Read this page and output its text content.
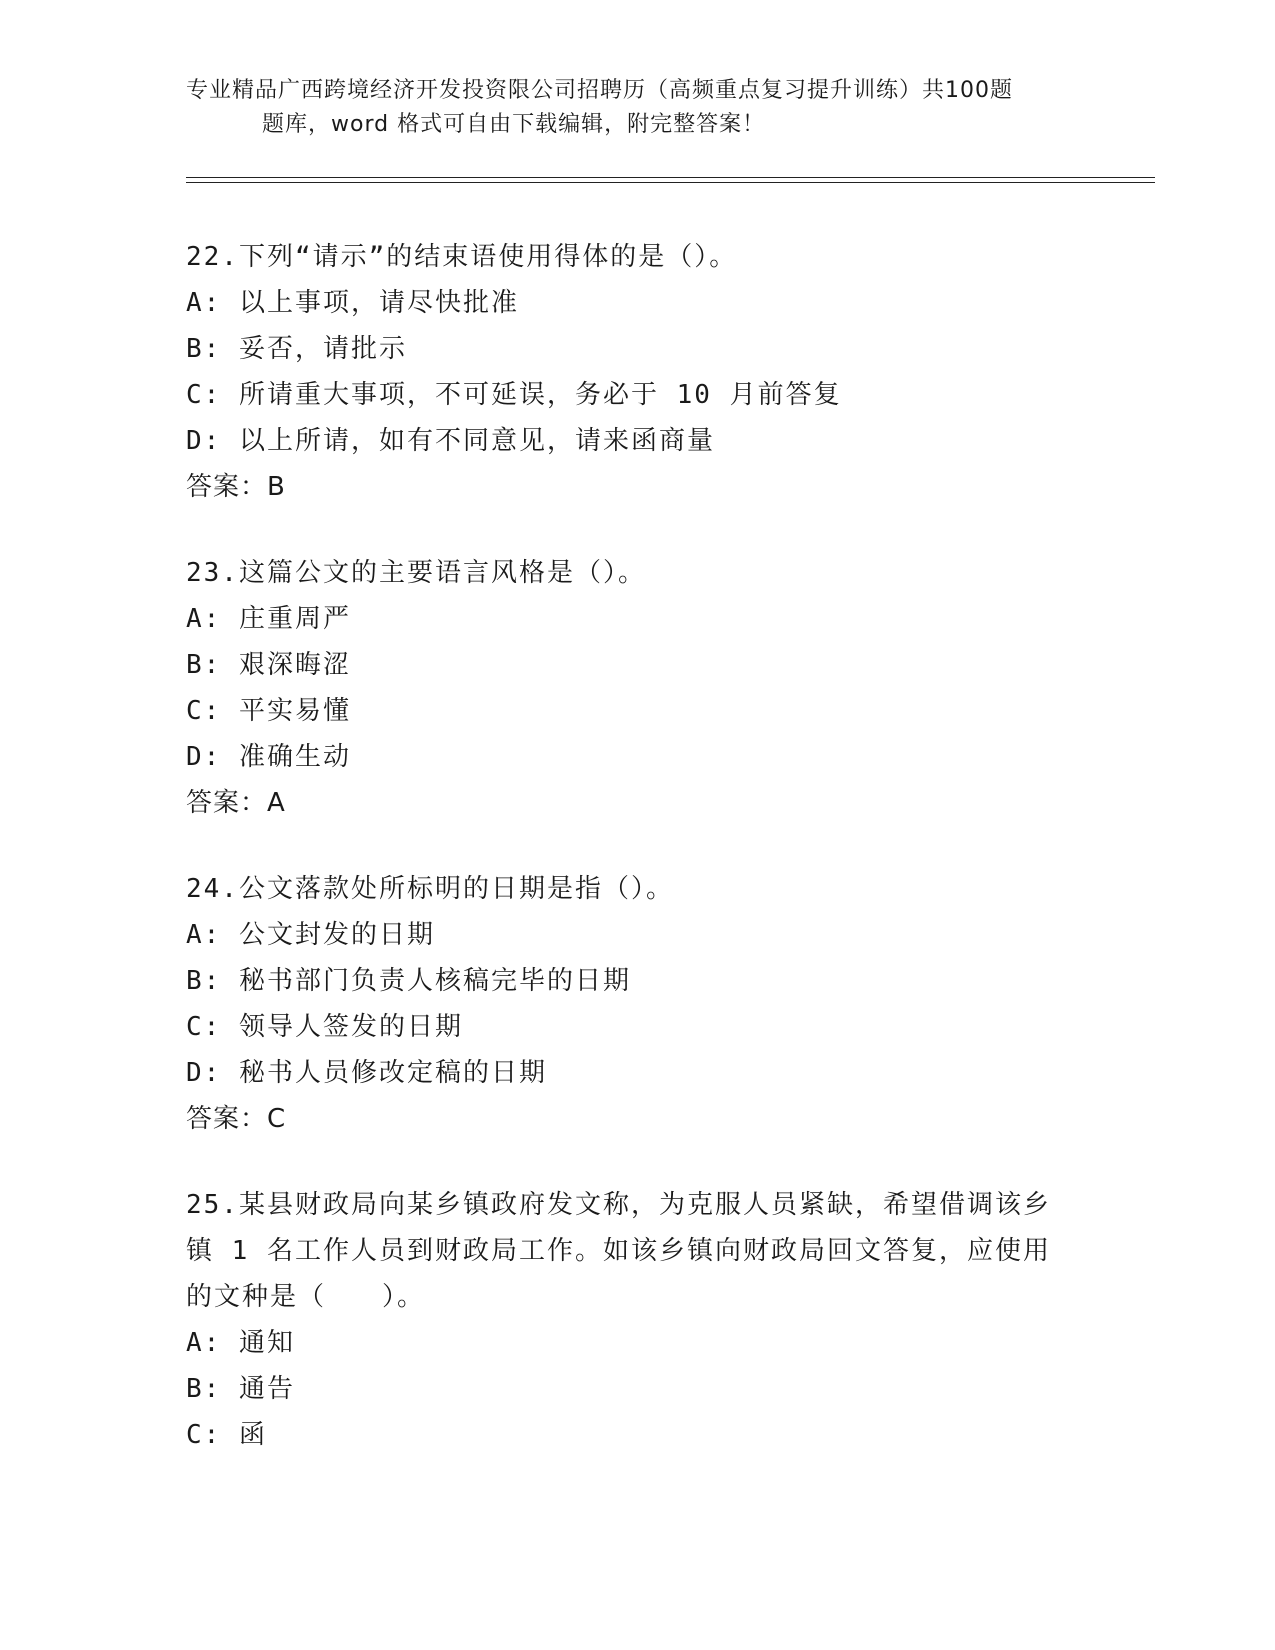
专业精品广西跨境经济开发投资限公司招聘历（高频重点复习提升训练）共100题
题库，word 格式可自由下载编辑，附完整答案！
22.下列“请示”的结束语使用得体的是（）。
A: 以上事项，请尽快批准
B: 妥否，请批示
C: 所请重大事项，不可延误，务必于 10 月前答复
D: 以上所请，如有不同意见，请来函商量
答案：B
23.这篇公文的主要语言风格是（）。
A: 庄重周严
B: 艰深晦涩
C: 平实易懂
D: 准确生动
答案：A
24.公文落款处所标明的日期是指（）。
A: 公文封发的日期
B: 秘书部门负责人核稿完毕的日期
C: 领导人签发的日期
D: 秘书人员修改定稿的日期
答案：C
25.某县财政局向某乡镇政府发文称，为克服人员紧缺，希望借调该乡镇 1 名工作人员到财政局工作。如该乡镇向财政局回文答复，应使用的文种是（　　）。
A: 通知
B: 通告
C: 函
